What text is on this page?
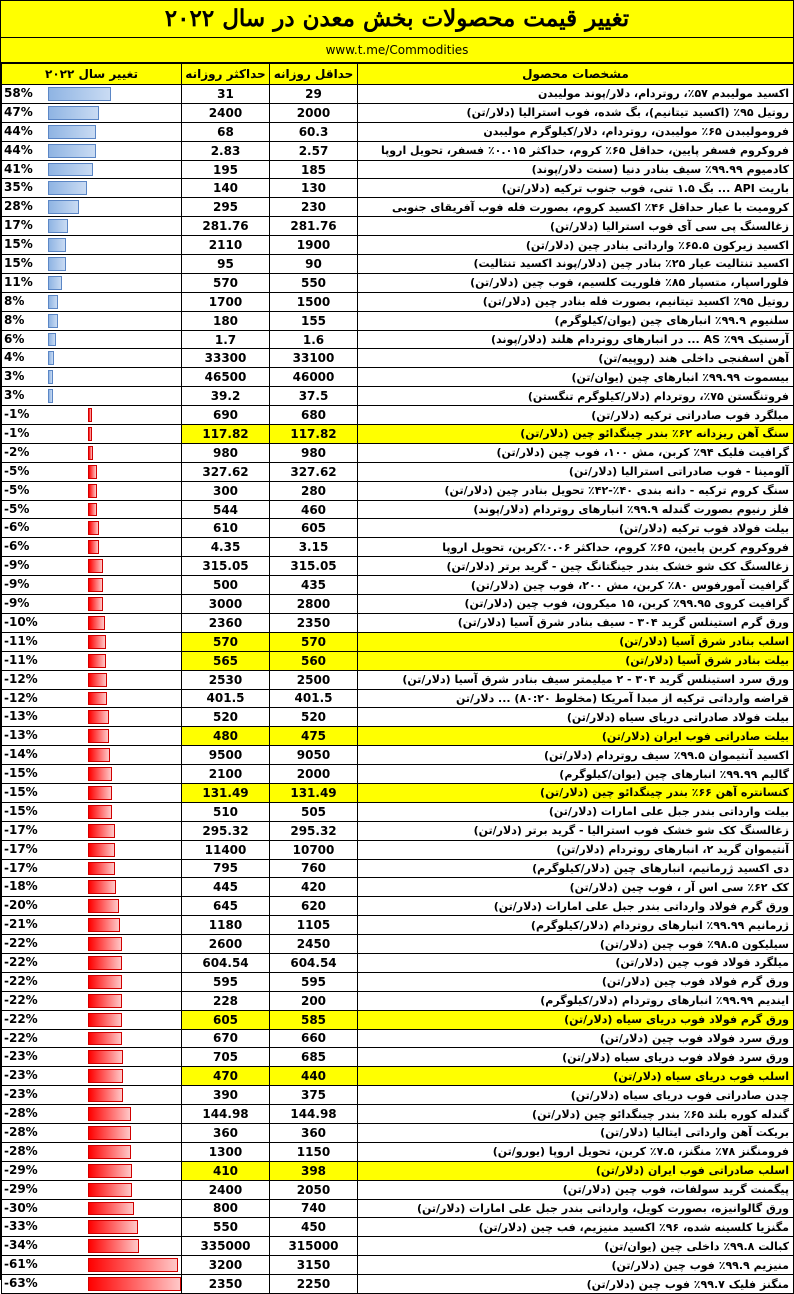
تغییر قیمت محصولات بخش معدن در سال ۲۰۲۲
www.t.me/Commodities
تغییر سال ۲۰۲۲	حداکثر روزانه	حداقل روزانه	مشخصات محصول

58%	31	29	اکسید مولیبدم ۵۷٪، روتردام، دلار/پوند مولیبدن

47%	2400	2000	روتیل ۹۵٪ (اکسید تیتانیم)، بگ شده، فوب استرالیا (دلار/تن)

44%	68	60.3	فرومولیبدن ۶۵٪ مولیبدن، روتردام، دلار/کیلوگرم مولیبدن

44%	2.83	2.57	فروکروم فسفر پایین، حداقل ۶۵٪ کروم، حداکثر ۰.۰۱۵٪ فسفر، تحویل اروپا

41%	195	185	کادمیوم ۹۹.۹۹٪ سیف بنادر دنیا (سنت دلار/پوند)

35%	140	130	باریت API ... بگ ۱.۵ تنی، فوب جنوب ترکیه (دلار/تن)

28%	295	230	کرومیت با عیار حداقل ۴۶٪ اکسید کروم، بصورت فله فوب آفریقای جنوبی

17%	281.76	281.76	زغالسنگ پی سی آی فوب استرالیا (دلار/تن)

15%	2110	1900	اکسید زیرکون ۶۵.۵٪ وارداتی بنادر چین (دلار/تن)

15%	95	90	اکسید تنتالیت عیار ۲۵٪ بنادر چین (دلار/پوند اکسید تنتالیت)

11%	570	550	فلوراسپار، متسپار ۸۵٪ فلوریت کلسیم، فوب چین (دلار/تن)

8%	1700	1500	روتیل ۹۵٪ اکسید تیتانیم، بصورت فله بنادر چین (دلار/تن)

8%	180	155	سلنیوم ۹۹.۹٪ انبارهای چین (یوان/کیلوگرم)

6%	1.7	1.6	آرسنیک ۹۹٪ AS ... در انبارهای روتردام هلند (دلار/پوند)

4%	33300	33100	آهن اسفنجی داخلی هند (روپیه/تن)

3%	46500	46000	بیسموت ۹۹.۹۹٪ انبارهای چین (یوان/تن)

3%	39.2	37.5	فروتنگستن ۷۵٪، روتردام (دلار/کیلوگرم تنگستن)

-1%	690	680	میلگرد فوب صادراتی ترکیه (دلار/تن)

-1%	117.82	117.82	سنگ آهن ریزدانه ۶۲٪ بندر چینگدائو چین (دلار/تن)

-2%	980	980	گرافیت فلیک ۹۴٪ کربن، مش ۱۰۰، فوب چین (دلار/تن)

-5%	327.62	327.62	آلومینا - فوب صادراتی استرالیا (دلار/تن)

-5%	300	280	سنگ کروم ترکیه - دانه بندی ۴۰٪-۴۲٪ تحویل بنادر چین (دلار/تن)

-5%	544	460	فلز رنیوم بصورت گندله ۹۹.۹٪ انبارهای روتردام (دلار/پوند)

-6%	610	605	بیلت فولاد فوب ترکیه (دلار/تن)

-6%	4.35	3.15	فروکروم کربن پایین، ۶۵٪ کروم، حداکثر ۰.۰۶٪کربن، تحویل اروپا

-9%	315.05	315.05	زغالسنگ کک شو خشک بندر جینگتانگ چین - گرید برتر (دلار/تن)

-9%	500	435	گرافیت آمورفوس ۸۰٪ کربن، مش ۲۰۰، فوب چین (دلار/تن)

-9%	3000	2800	گرافیت کروی ۹۹.۹۵٪ کربن، ۱۵ میکرون، فوب چین (دلار/تن)

-10%	2360	2350	ورق گرم استینلس گرید ۳۰۴ - سیف بنادر شرق آسیا (دلار/تن)

-11%	570	570	اسلب بنادر شرق آسیا (دلار/تن)

-11%	565	560	بیلت بنادر شرق آسیا (دلار/تن)

-12%	2530	2500	ورق سرد استینلس گرید ۳۰۴ - ۲ میلیمتر سیف بنادر شرق آسیا (دلار/تن)

-12%	401.5	401.5	قراضه وارداتی ترکیه از مبدا آمریکا (مخلوط ۸۰:۲۰) ... دلار/تن

-13%	520	520	بیلت فولاد صادراتی دریای سیاه (دلار/تن)

-13%	480	475	بیلت صادراتی فوب ایران (دلار/تن)

-14%	9500	9050	اکسید آنتیموان ۹۹.۵٪ سیف روتردام (دلار/تن)

-15%	2100	2000	گالیم ۹۹.۹۹٪ انبارهای چین (یوان/کیلوگرم)

-15%	131.49	131.49	کنسانتره آهن ۶۶٪ بندر چینگدائو چین (دلار/تن)

-15%	510	505	بیلت وارداتی بندر جبل علی امارات (دلار/تن)

-17%	295.32	295.32	زغالسنگ کک شو خشک فوب استرالیا - گرید برتر (دلار/تن)

-17%	11400	10700	آنتیموان گرید ۲، انبارهای روتردام (دلار/تن)

-17%	795	760	دی اکسید ژرمانیم، انبارهای چین (دلار/کیلوگرم)

-18%	445	420	کک ۶۲٪ سی اس آر ، فوب چین (دلار/تن)

-20%	645	620	ورق گرم فولاد وارداتی بندر جبل علی امارات (دلار/تن)

-21%	1180	1105	ژرمانیم ۹۹.۹۹٪ انبارهای روتردام (دلار/کیلوگرم)

-22%	2600	2450	سیلیکون ۹۸.۵٪ فوب چین (دلار/تن)

-22%	604.54	604.54	میلگرد فولاد فوب چین (دلار/تن)

-22%	595	595	ورق گرم فولاد فوب چین (دلار/تن)

-22%	228	200	ایندیم ۹۹.۹۹٪ انبارهای روتردام (دلار/کیلوگرم)

-22%	605	585	ورق گرم فولاد فوب دریای سیاه (دلار/تن)

-22%	670	660	ورق سرد فولاد فوب چین (دلار/تن)

-23%	705	685	ورق سرد فولاد فوب دریای سیاه (دلار/تن)

-23%	470	440	اسلب فوب دریای سیاه (دلار/تن)

-23%	390	375	چدن صادراتی فوب دریای سیاه (دلار/تن)

-28%	144.98	144.98	گندله کوره بلند ۶۵٪ بندر چینگدائو چین (دلار/تن)

-28%	360	360	بریکت آهن وارداتی ایتالیا (دلار/تن)

-28%	1300	1150	فرومنگنز ۷۸٪ منگنز، ۷.۵٪ کربن، تحویل اروپا (یورو/تن)

-29%	410	398	اسلب صادراتی فوب ایران (دلار/تن)

-29%	2400	2050	پیگمنت گرید سولفات، فوب چین (دلار/تن)

-30%	800	740	ورق گالوانیزه، بصورت کویل، وارداتی بندر جبل علی امارات (دلار/تن)

-33%	550	450	مگنزیا کلسینه شده، ۹۶٪ اکسید منیزیم، فب چین (دلار/تن)

-34%	335000	315000	کبالت ۹۹.۸٪ داخلی چین (یوان/تن)

-61%	3200	3150	منیزیم ۹۹.۹٪ فوب چین (دلار/تن)

-63%	2350	2250	منگنز فلیک ۹۹.۷٪ فوب چین (دلار/تن)
